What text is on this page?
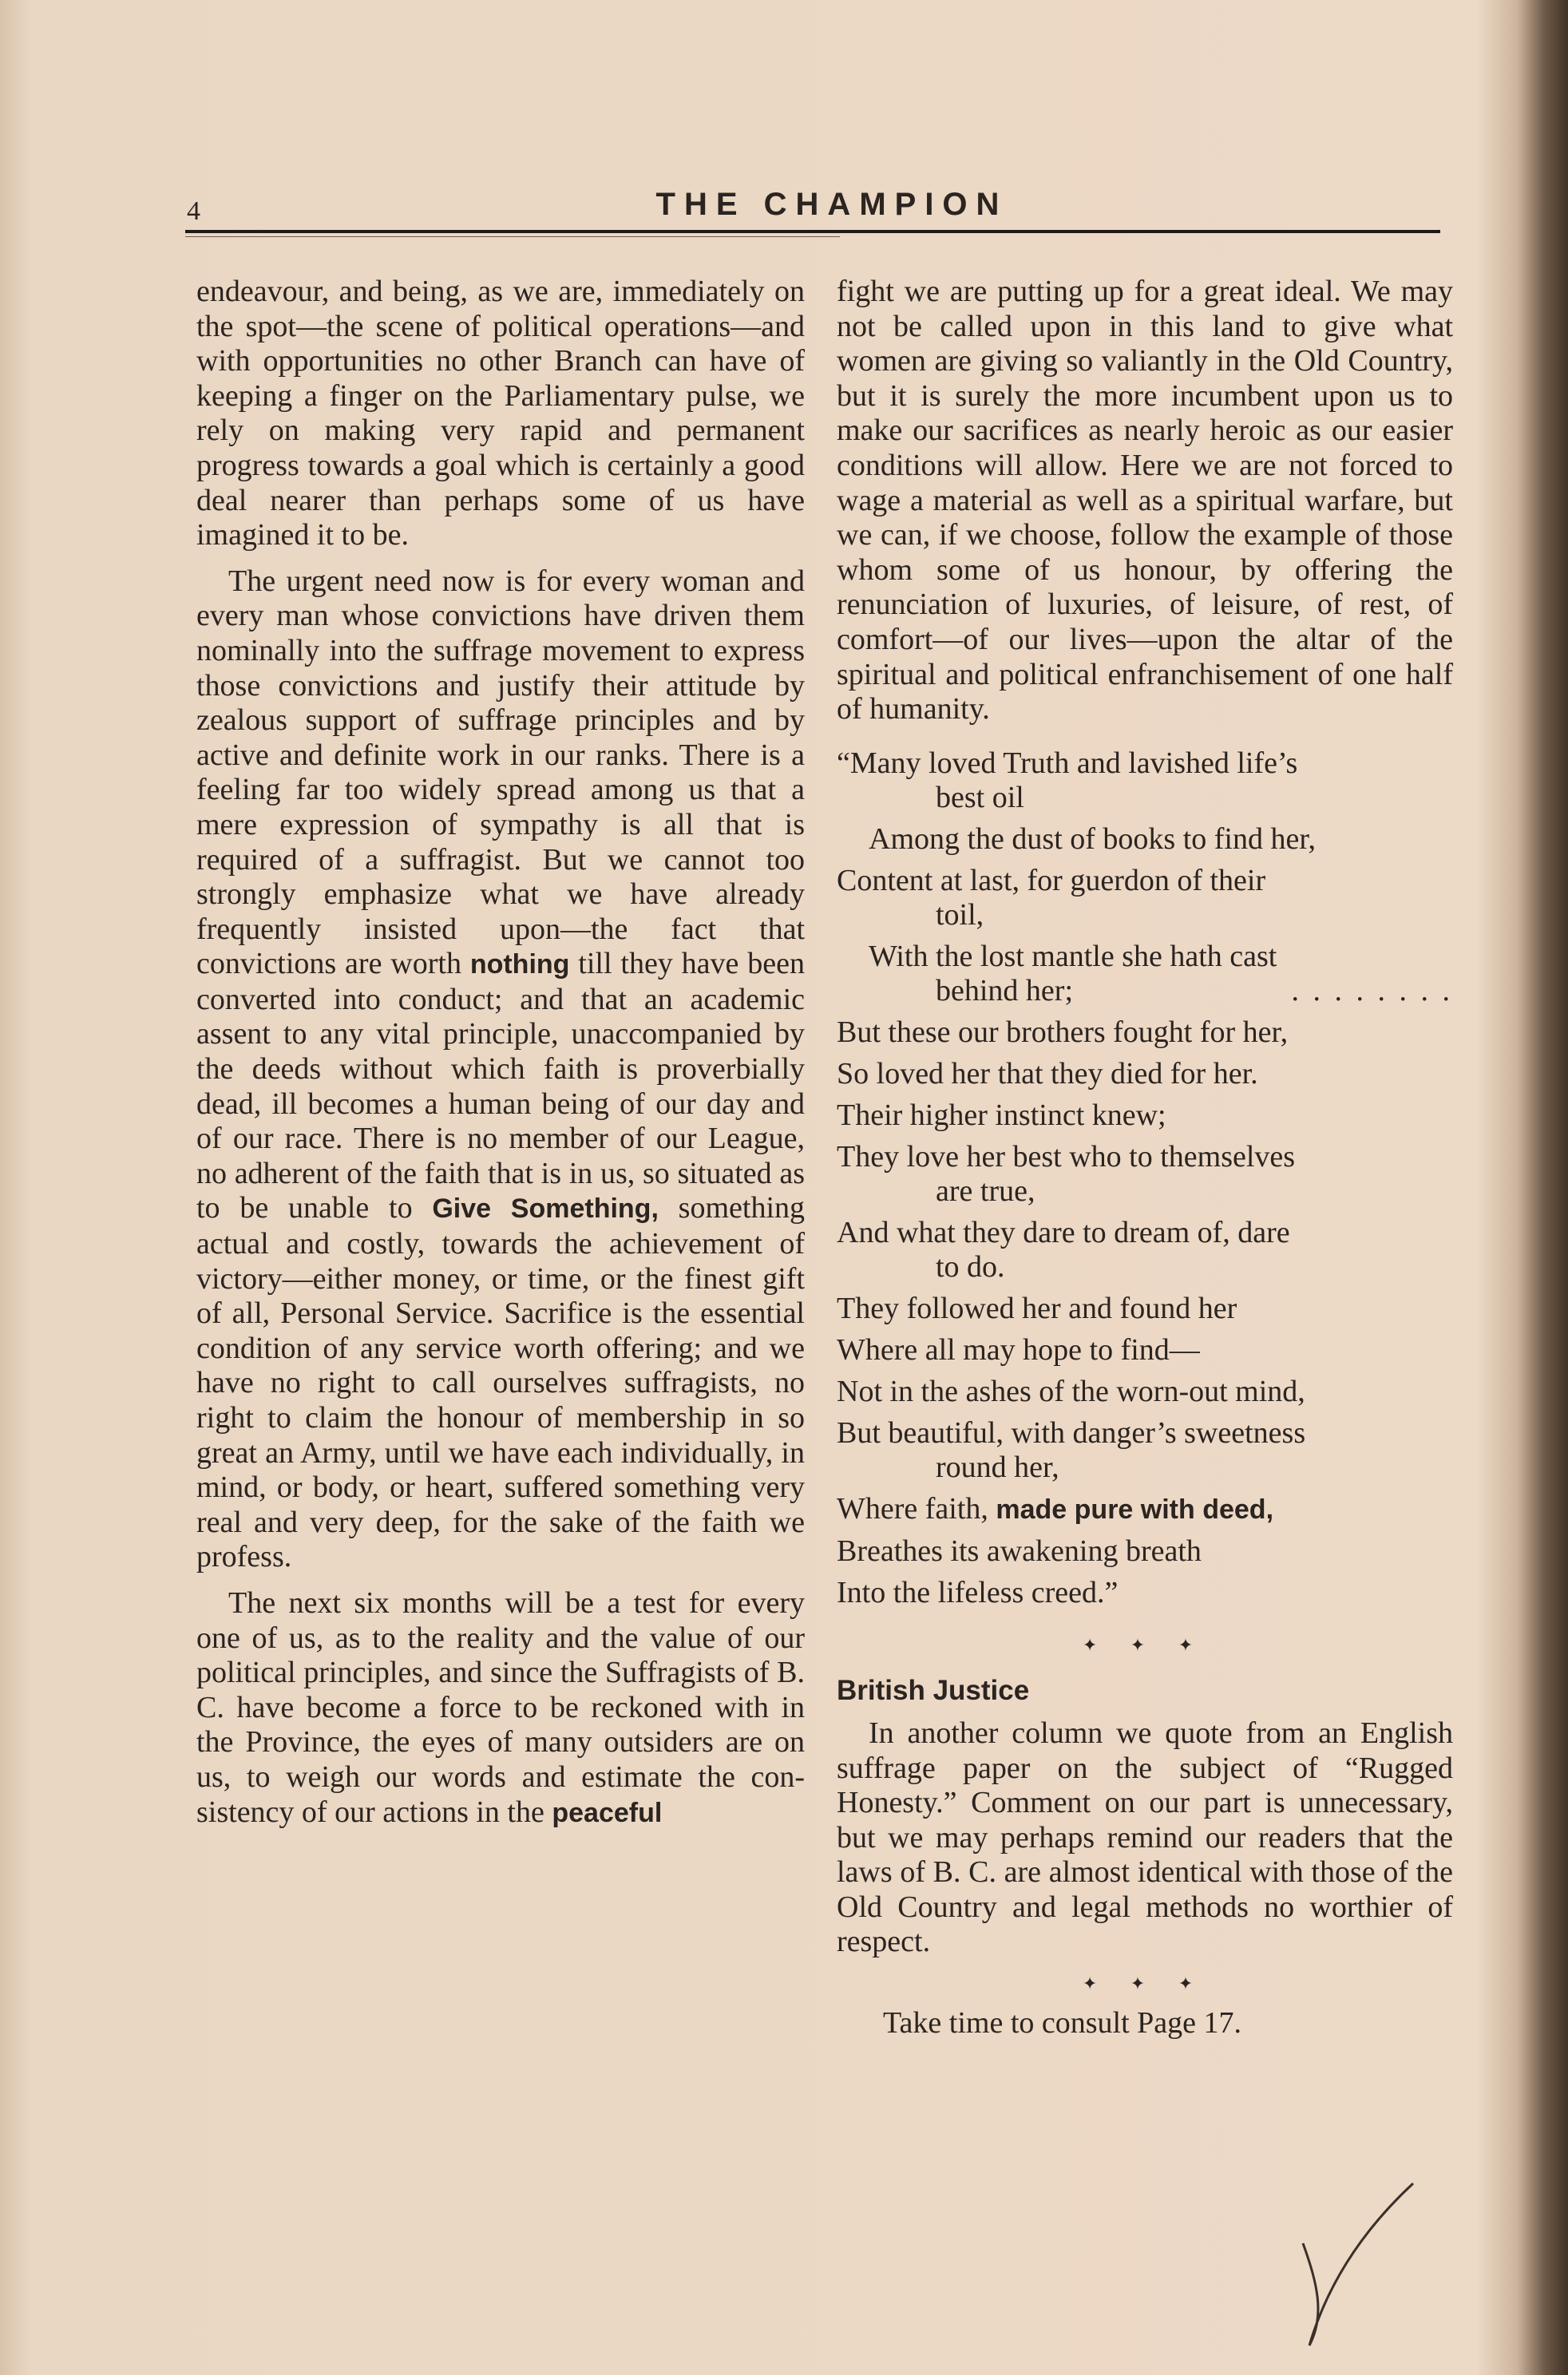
4	THE CHAMPION

endeavour, and being, as we are, immediately on the spot—the scene of political operations—and with opportunities no other Branch can have of keeping a finger on the Parliamentary pulse, we rely on making very rapid and permanent progress towards a goal which is certainly a good deal nearer than perhaps some of us have imagined it to be.

The urgent need now is for every woman and every man whose convictions have driven them nominally into the suffrage movement to express those convictions and justify their attitude by zealous support of suffrage principles and by active and definite work in our ranks. There is a feeling far too widely spread among us that a mere expression of sympathy is all that is required of a suffragist. But we cannot too strongly emphasize what we have already frequently insisted upon—the fact that convictions are worth nothing till they have been converted into conduct; and that an academic assent to any vital principle, unaccompanied by the deeds without which faith is proverbially dead, ill becomes a human being of our day and of our race. There is no member of our League, no adherent of the faith that is in us, so situated as to be unable to Give Something, something actual and costly, towards the achievement of victory—either money, or time, or the finest gift of all, Personal Service. Sacrifice is the essential condition of any service worth offering; and we have no right to call ourselves suffragists, no right to claim the honour of membership in so great an Army, until we have each individually, in mind, or body, or heart, suffered something very real and very deep, for the sake of the faith we profess.

The next six months will be a test for every one of us, as to the reality and the value of our political principles, and since the Suffragists of B. C. have become a force to be reckoned with in the Province, the eyes of many outsiders are on us, to weigh our words and estimate the consistency of our actions in the peaceful

fight we are putting up for a great ideal. We may not be called upon in this land to give what women are giving so valiantly in the Old Country, but it is surely the more incumbent upon us to make our sacrifices as nearly heroic as our easier conditions will allow. Here we are not forced to wage a material as well as a spiritual warfare, but we can, if we choose, follow the example of those whom some of us honour, by offering the renunciation of luxuries, of leisure, of rest, of comfort—of our lives—upon the altar of the spiritual and political enfranchisement of one half of humanity.

“Many loved Truth and lavished life’s
best oil
Among the dust of books to find her,
Content at last, for guerdon of their
toil,
With the lost mantle she hath cast
behind her;	. . . . . . . .
But these our brothers fought for her,
So loved her that they died for her.
Their higher instinct knew;
They love her best who to themselves
are true,
And what they dare to dream of, dare
to do.
They followed her and found her
Where all may hope to find—
Not in the ashes of the worn-out mind,
But beautiful, with danger’s sweetness
round her,
Where faith, made pure with deed,
Breathes its awakening breath
Into the lifeless creed.”
✦ ✦ ✦
British Justice

In another column we quote from an English suffrage paper on the subject of “Rugged Honesty.” Comment on our part is unnecessary, but we may perhaps remind our readers that the laws of B. C. are almost identical with those of the Old Country and legal methods no worthier of respect.

✦ ✦ ✦

Take time to consult Page 17.
